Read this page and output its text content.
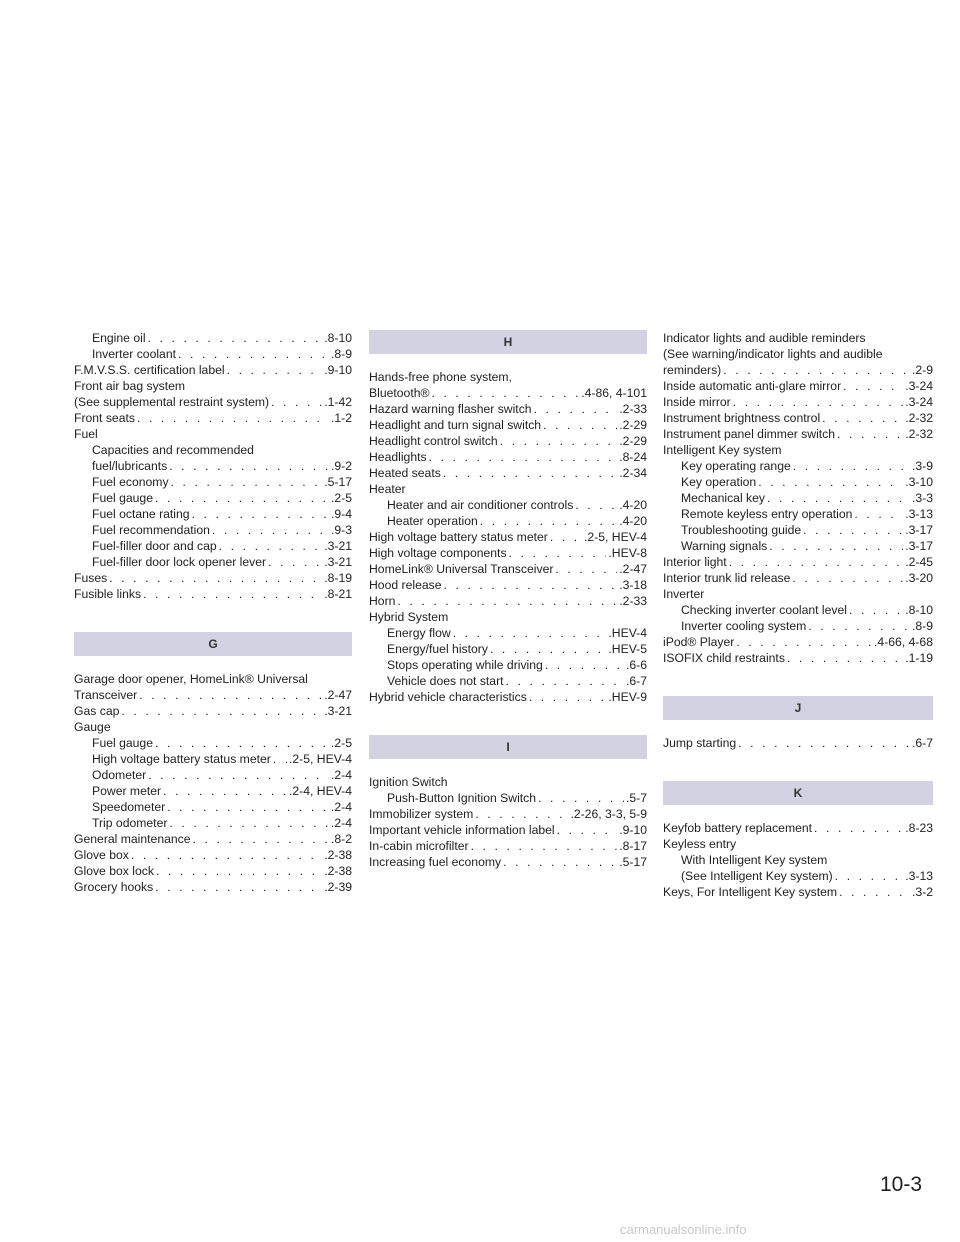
Engine oil . . .	.8-10
Inverter coolant . . .	.8-9
F.M.V.S.S. certification label . . .	.9-10
Front air bag system
(See supplemental restraint system) . . .	.1-42
Front seats . . .	.1-2
Fuel
Capacities and recommended
fuel/lubricants . . .	.9-2
Fuel economy . . .	.5-17
Fuel gauge . . .	.2-5
Fuel octane rating . . .	.9-4
Fuel recommendation . . .	.9-3
Fuel-filler door and cap . . .	.3-21
Fuel-filler door lock opener lever . . .	.3-21
Fuses . . .	.8-19
Fusible links . . .	.8-21
G
Garage door opener, HomeLink® Universal
Transceiver . . .	.2-47
Gas cap . . .	.3-21
Gauge
Fuel gauge . . .	.2-5
High voltage battery status meter . . . .2-5, HEV-4
Odometer . . .	.2-4
Power meter . . .	.2-4, HEV-4
Speedometer . . .	.2-4
Trip odometer . . .	.2-4
General maintenance . . .	.8-2
Glove box . . .	.2-38
Glove box lock . . .	.2-38
Grocery hooks . . .	.2-39
H
Hands-free phone system,
Bluetooth® . . .	.4-86, 4-101
Hazard warning flasher switch . . .	.2-33
Headlight and turn signal switch . . .	.2-29
Headlight control switch . . .	.2-29
Headlights . . .	.8-24
Heated seats . . .	.2-34
Heater
Heater and air conditioner controls . . .	.4-20
Heater operation . . .	.4-20
High voltage battery status meter . . .	.2-5, HEV-4
High voltage components . . .	.HEV-8
HomeLink® Universal Transceiver . . .	.2-47
Hood release . . .	.3-18
Horn . . .	.2-33
Hybrid System
Energy flow . . .	.HEV-4
Energy/fuel history . . .	.HEV-5
Stops operating while driving . . .	.6-6
Vehicle does not start . . .	.6-7
Hybrid vehicle characteristics . . .	.HEV-9
I
Ignition Switch
Push-Button Ignition Switch . . .	.5-7
Immobilizer system . . .	.2-26, 3-3, 5-9
Important vehicle information label . . .	.9-10
In-cabin microfilter . . .	.8-17
Increasing fuel economy . . .	.5-17
Indicator lights and audible reminders
(See warning/indicator lights and audible
reminders) . . .	.2-9
Inside automatic anti-glare mirror . . .	.3-24
Inside mirror . . .	.3-24
Instrument brightness control . . .	.2-32
Instrument panel dimmer switch . . .	.2-32
Intelligent Key system
Key operating range . . .	.3-9
Key operation . . .	.3-10
Mechanical key . . .	.3-3
Remote keyless entry operation . . .	.3-13
Troubleshooting guide . . .	.3-17
Warning signals . . .	.3-17
Interior light . . .	.2-45
Interior trunk lid release . . .	.3-20
Inverter
Checking inverter coolant level . . .	.8-10
Inverter cooling system . . .	.8-9
iPod® Player . . .	.4-66, 4-68
ISOFIX child restraints . . .	.1-19
J
Jump starting . . .	.6-7
K
Keyfob battery replacement . . .	.8-23
Keyless entry
With Intelligent Key system
(See Intelligent Key system) . . .	.3-13
Keys, For Intelligent Key system . . .	.3-2
10-3
carmanualsonline.info
